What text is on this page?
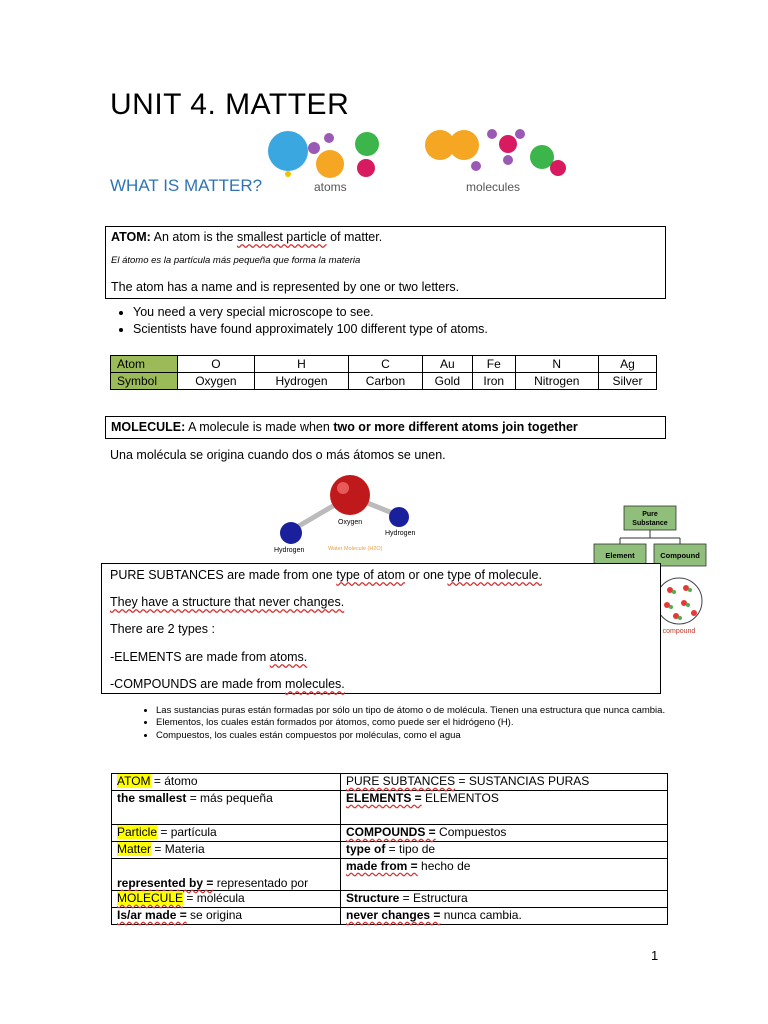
UNIT 4. MATTER
WHAT IS MATTER?	atoms	molecules
ATOM: An atom is the smallest particle of matter.
El átomo es la partícula más pequeña que forma la materia
The atom has a name and is represented by one or two letters.
• You need a very special microscope to see.
• Scientists have found approximately 100 different type of atoms.
Atom	O	H	C	Au	Fe	N	Ag
Symbol	Oxygen	Hydrogen	Carbon	Gold	Iron	Nitrogen	Silver
MOLECULE: A molecule is made when two or more different atoms join together
Una molécula se origina cuando dos o más átomos se unen.
Oxygen
Hydrogen
Hydrogen
Water Molecule (H2O)
Pure
Substance
Element	Compound
compound
PURE SUBTANCES are made from one type of atom or one type of molecule.
They have a structure that never changes.
There are 2 types :
-ELEMENTS are made from atoms.
-COMPOUNDS are made from molecules.
• Las sustancias puras están formadas por sólo un tipo de átomo o de molécula. Tienen una estructura que nunca cambia.
• Elementos, los cuales están formados por átomos, como puede ser el hidrógeno (H).
• Compuestos, los cuales están compuestos por moléculas, como el agua
ATOM = átomo	PURE SUBTANCES = SUSTANCIAS PURAS
the smallest = más pequeña	ELEMENTS = ELEMENTOS
Particle = partícula	COMPOUNDS = Compuestos
Matter = Materia	type of = tipo de
represented by = representado por	made from = hecho de
MOLECULE = molécula	Structure = Estructura
Is/ar made = se origina	never changes = nunca cambia.
1
